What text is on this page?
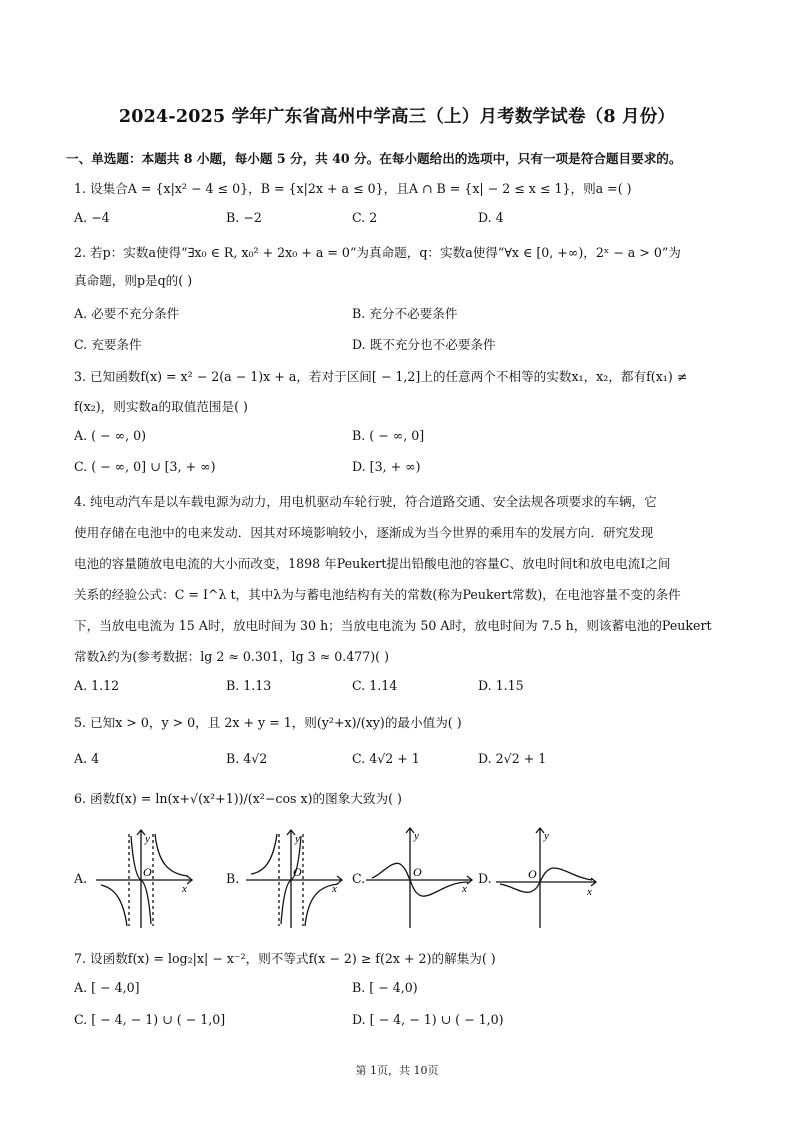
2024-2025 学年广东省高州中学高三（上）月考数学试卷（8 月份）
一、单选题：本题共 8 小题，每小题 5 分，共 40 分。在每小题给出的选项中，只有一项是符合题目要求的。
1. 设集合A = {x|x² − 4 ≤ 0}，B = {x|2x + a ≤ 0}，且A ∩ B = {x| − 2 ≤ x ≤ 1}，则a =( )
A. −4	B. −2	C. 2	D. 4
2. 若p：实数a使得“∃x₀ ∈ R, x₀² + 2x₀ + a = 0”为真命题，q：实数a使得“∀x ∈ [0, +∞)，2ˣ − a > 0”为
真命题，则p是q的( )
A. 必要不充分条件	B. 充分不必要条件
C. 充要条件	D. 既不充分也不必要条件
3. 已知函数f(x) = x² − 2(a − 1)x + a，若对于区间[ − 1,2]上的任意两个不相等的实数x₁，x₂，都有f(x₁) ≠
f(x₂)，则实数a的取值范围是( )
A. ( − ∞, 0)	B. ( − ∞, 0]
C. ( − ∞, 0] ∪ [3, + ∞)	D. [3, + ∞)
4. 纯电动汽车是以车载电源为动力，用电机驱动车轮行驶，符合道路交通、安全法规各项要求的车辆，它
使用存储在电池中的电来发动．因其对环境影响较小，逐渐成为当今世界的乘用车的发展方向．研究发现
电池的容量随放电电流的大小而改变，1898 年Peukert提出铅酸电池的容量C、放电时间t和放电电流I之间
关系的经验公式：C = I^λ t，其中λ为与蓄电池结构有关的常数(称为Peukert常数)，在电池容量不变的条件
下，当放电电流为 15 A时，放电时间为 30 h；当放电电流为 50 A时，放电时间为 7.5 h，则该蓄电池的Peukert
常数λ约为(参考数据：lg 2 ≈ 0.301，lg 3 ≈ 0.477)( )
A. 1.12	B. 1.13	C. 1.14	D. 1.15
5. 已知x > 0，y > 0，且 2x + y = 1，则(y²+x)/(xy)的最小值为( )
A. 4	B. 4√2	C. 4√2 + 1	D. 2√2 + 1
6. 函数f(x) = ln(x+√(x²+1))/(x²−cos x)的图象大致为( )
A.	B.	C.	D.
y
O
x
y
O
x
y
O
x
y
O
x
7. 设函数f(x) = log₂|x| − x⁻²，则不等式f(x − 2) ≥ f(2x + 2)的解集为( )
A. [ − 4,0]	B. [ − 4,0)
C. [ − 4, − 1) ∪ ( − 1,0]	D. [ − 4, − 1) ∪ ( − 1,0)
第 1页，共 10页
